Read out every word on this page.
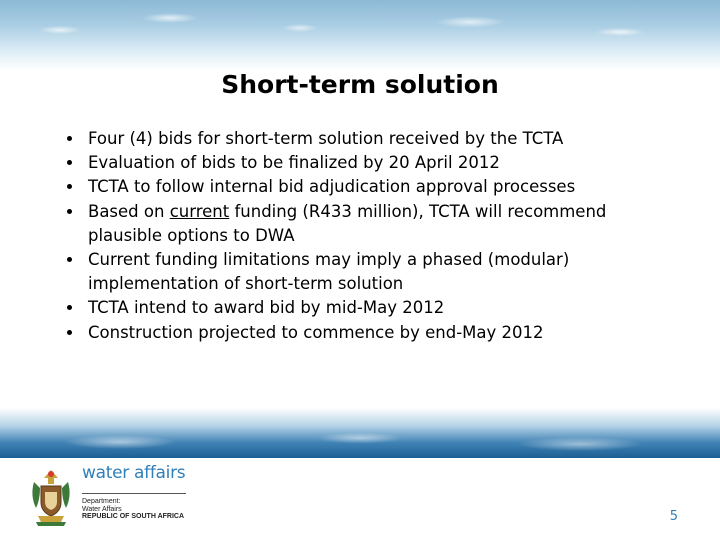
Short-term solution
• Four (4) bids for short-term solution received by the TCTA
• Evaluation of bids to be finalized by 20 April 2012
• TCTA to follow internal bid adjudication approval processes
• Based on current funding (R433 million), TCTA will recommend plausible options to DWA
• Current funding limitations may imply a phased (modular) implementation of short-term solution
• TCTA intend to award bid by mid-May 2012
• Construction projected to commence by end-May 2012
water affairs
Department:
Water Affairs
REPUBLIC OF SOUTH AFRICA	5
